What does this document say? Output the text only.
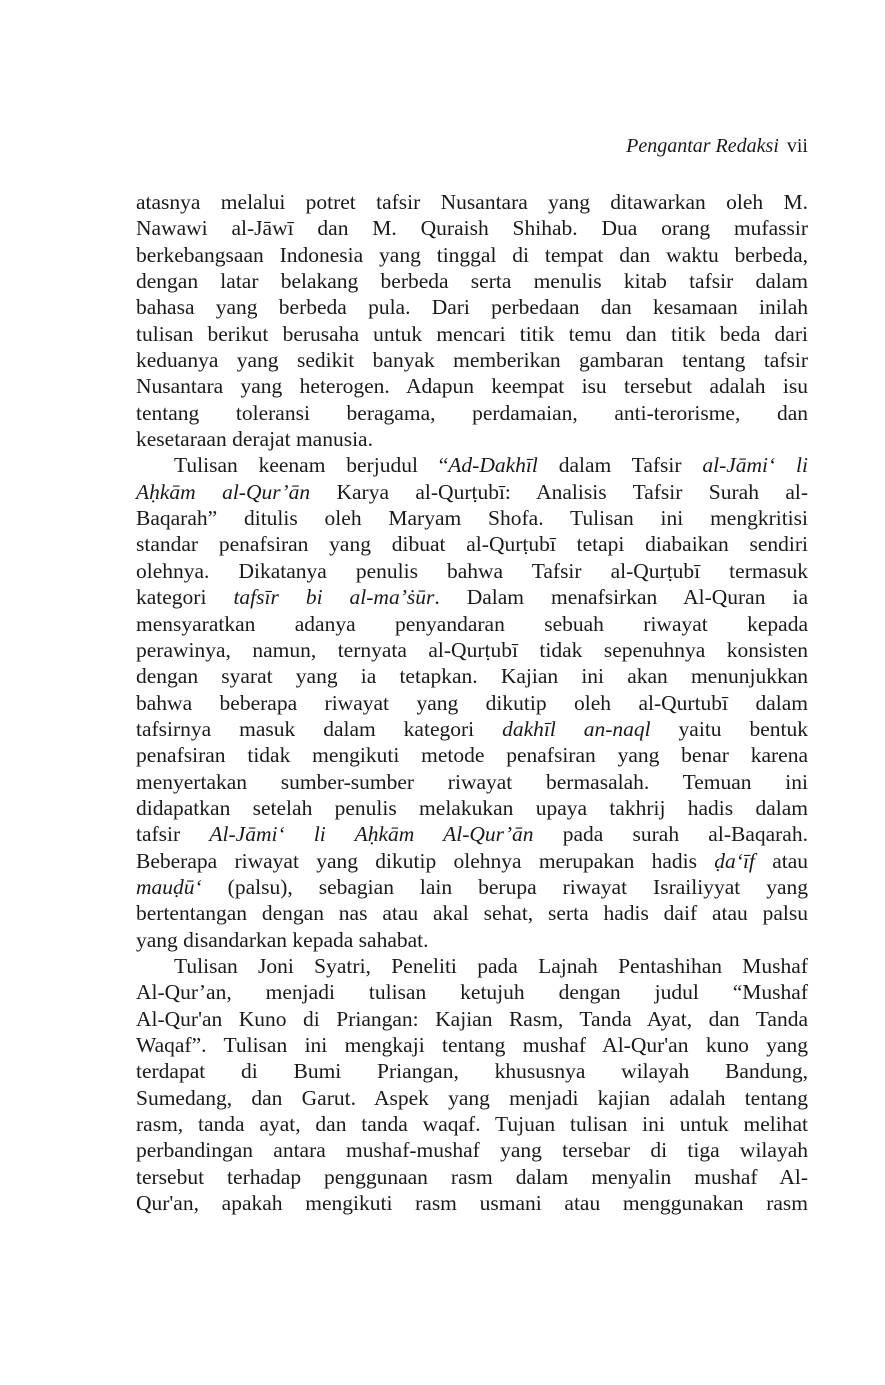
Pengantar Redaksi vii
atasnya melalui potret tafsir Nusantara yang ditawarkan oleh M.
Nawawi al-Jāwī dan M. Quraish Shihab. Dua orang mufassir
berkebangsaan Indonesia yang tinggal di tempat dan waktu berbeda,
dengan latar belakang berbeda serta menulis kitab tafsir dalam
bahasa yang berbeda pula. Dari perbedaan dan kesamaan inilah
tulisan berikut berusaha untuk mencari titik temu dan titik beda dari
keduanya yang sedikit banyak memberikan gambaran tentang tafsir
Nusantara yang heterogen. Adapun keempat isu tersebut adalah isu
tentang toleransi beragama, perdamaian, anti-terorisme, dan
kesetaraan derajat manusia.
Tulisan keenam berjudul “Ad-Dakhīl dalam Tafsir al-Jāmi‘ li
Aḥkām al-Qur’ān Karya al-Qurṭubī: Analisis Tafsir Surah al-
Baqarah” ditulis oleh Maryam Shofa. Tulisan ini mengkritisi
standar penafsiran yang dibuat al-Qurṭubī tetapi diabaikan sendiri
olehnya. Dikatanya penulis bahwa Tafsir al-Qurṭubī termasuk
kategori tafsīr bi al-ma’ṡūr. Dalam menafsirkan Al-Quran ia
mensyaratkan adanya penyandaran sebuah riwayat kepada
perawinya, namun, ternyata al-Qurṭubī tidak sepenuhnya konsisten
dengan syarat yang ia tetapkan. Kajian ini akan menunjukkan
bahwa beberapa riwayat yang dikutip oleh al-Qurtubī dalam
tafsirnya masuk dalam kategori dakhīl an-naql yaitu bentuk
penafsiran tidak mengikuti metode penafsiran yang benar karena
menyertakan sumber-sumber riwayat bermasalah. Temuan ini
didapatkan setelah penulis melakukan upaya takhrij hadis dalam
tafsir Al-Jāmi‘ li Aḥkām Al-Qur’ān pada surah al-Baqarah.
Beberapa riwayat yang dikutip olehnya merupakan hadis ḍa‘īf atau
mauḍū‘ (palsu), sebagian lain berupa riwayat Israiliyyat yang
bertentangan dengan nas atau akal sehat, serta hadis daif atau palsu
yang disandarkan kepada sahabat.
Tulisan Joni Syatri, Peneliti pada Lajnah Pentashihan Mushaf
Al-Qur’an, menjadi tulisan ketujuh dengan judul “Mushaf
Al-Qur'an Kuno di Priangan: Kajian Rasm, Tanda Ayat, dan Tanda
Waqaf”. Tulisan ini mengkaji tentang mushaf Al-Qur'an kuno yang
terdapat di Bumi Priangan, khususnya wilayah Bandung,
Sumedang, dan Garut. Aspek yang menjadi kajian adalah tentang
rasm, tanda ayat, dan tanda waqaf. Tujuan tulisan ini untuk melihat
perbandingan antara mushaf-mushaf yang tersebar di tiga wilayah
tersebut terhadap penggunaan rasm dalam menyalin mushaf Al-
Qur'an, apakah mengikuti rasm usmani atau menggunakan rasm
